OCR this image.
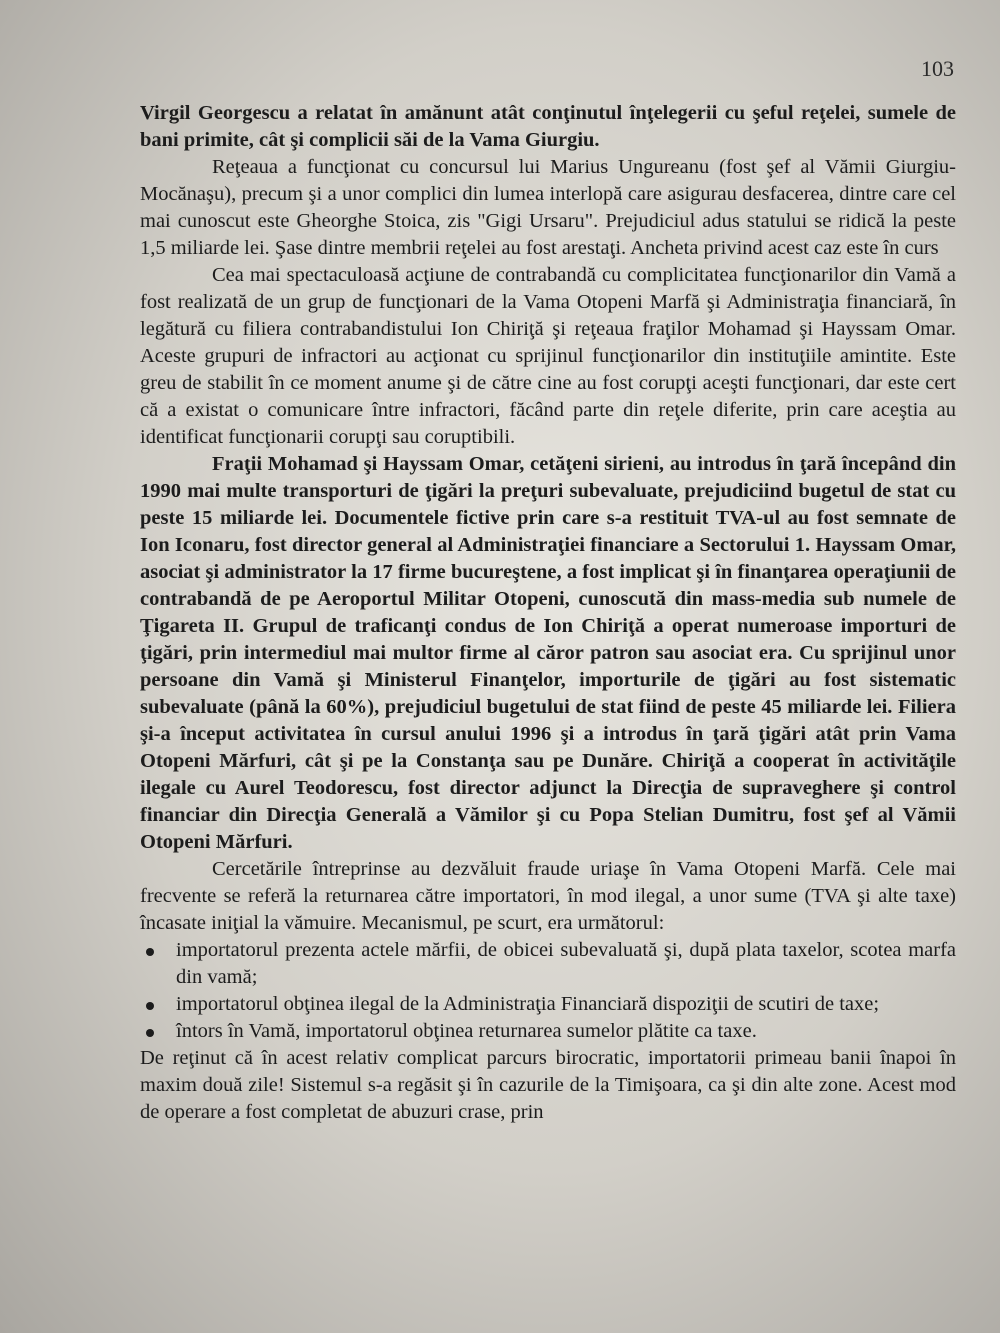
103

Virgil Georgescu a relatat în amănunt atât conţinutul înţelegerii cu şeful reţelei, sumele de bani primite, cât şi complicii săi de la Vama Giurgiu.

Reţeaua a funcţionat cu concursul lui Marius Ungureanu (fost şef al Vămii Giurgiu-Mocănaşu), precum şi a unor complici din lumea interlopă care asigurau desfacerea, dintre care cel mai cunoscut este Gheorghe Stoica, zis "Gigi Ursaru". Prejudiciul adus statului se ridică la peste 1,5 miliarde lei. Şase dintre membrii reţelei au fost arestaţi. Ancheta privind acest caz este în curs

Cea mai spectaculoasă acţiune de contrabandă cu complicitatea funcţionarilor din Vamă a fost realizată de un grup de funcţionari de la Vama Otopeni Marfă şi Administraţia financiară, în legătură cu filiera contrabandistului Ion Chiriţă şi reţeaua fraţilor Mohamad şi Hayssam Omar. Aceste grupuri de infractori au acţionat cu sprijinul funcţionarilor din instituţiile amintite. Este greu de stabilit în ce moment anume şi de către cine au fost corupţi aceşti funcţionari, dar este cert că a existat o comunicare între infractori, făcând parte din reţele diferite, prin care aceştia au identificat funcţionarii corupţi sau coruptibili.

Fraţii Mohamad şi Hayssam Omar, cetăţeni sirieni, au introdus în ţară începând din 1990 mai multe transporturi de ţigări la preţuri subevaluate, prejudiciind bugetul de stat cu peste 15 miliarde lei. Documentele fictive prin care s-a restituit TVA-ul au fost semnate de Ion Iconaru, fost director general al Administraţiei financiare a Sectorului 1. Hayssam Omar, asociat şi administrator la 17 firme bucureştene, a fost implicat şi în finanţarea operaţiunii de contrabandă de pe Aeroportul Militar Otopeni, cunoscută din mass-media sub numele de Ţigareta II. Grupul de traficanţi condus de Ion Chiriţă a operat numeroase importuri de ţigări, prin intermediul mai multor firme al căror patron sau asociat era. Cu sprijinul unor persoane din Vamă şi Ministerul Finanţelor, importurile de ţigări au fost sistematic subevaluate (până la 60%), prejudiciul bugetului de stat fiind de peste 45 miliarde lei. Filiera şi-a început activitatea în cursul anului 1996 şi a introdus în ţară ţigări atât prin Vama Otopeni Mărfuri, cât şi pe la Constanţa sau pe Dunăre. Chiriţă a cooperat în activităţile ilegale cu Aurel Teodorescu, fost director adjunct la Direcţia de supraveghere şi control financiar din Direcţia Generală a Vămilor şi cu Popa Stelian Dumitru, fost şef al Vămii Otopeni Mărfuri.

Cercetările întreprinse au dezvăluit fraude uriaşe în Vama Otopeni Marfă. Cele mai frecvente se referă la returnarea către importatori, în mod ilegal, a unor sume (TVA şi alte taxe) încasate iniţial la vămuire. Mecanismul, pe scurt, era următorul:

importatorul prezenta actele mărfii, de obicei subevaluată şi, după plata taxelor, scotea marfa din vamă;
importatorul obţinea ilegal de la Administraţia Financiară dispoziţii de scutiri de taxe;
întors în Vamă, importatorul obţinea returnarea sumelor plătite ca taxe.

De reţinut că în acest relativ complicat parcurs birocratic, importatorii primeau banii înapoi în maxim două zile! Sistemul s-a regăsit şi în cazurile de la Timişoara, ca şi din alte zone. Acest mod de operare a fost completat de abuzuri crase, prin
